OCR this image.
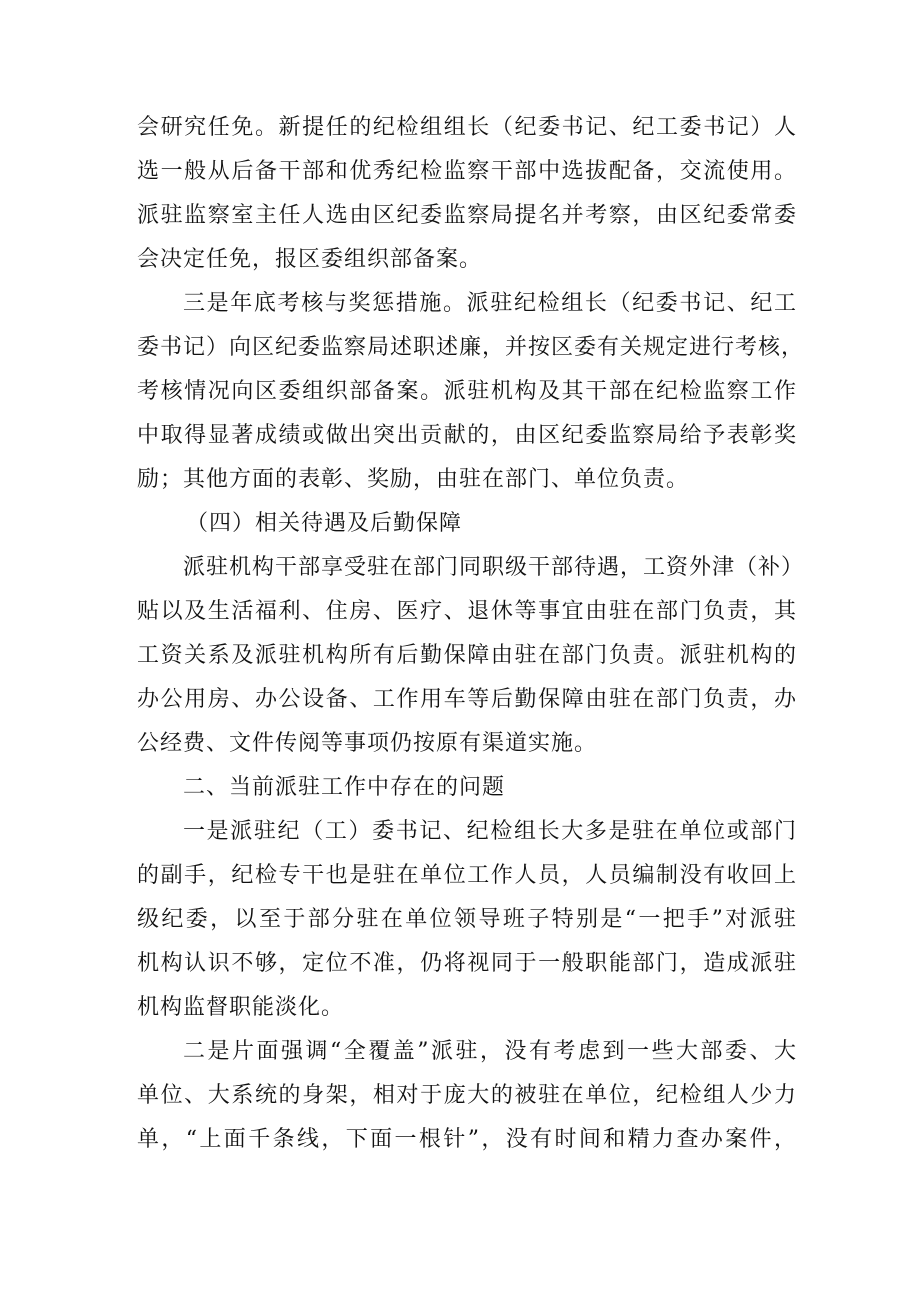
会研究任免。新提任的纪检组组长（纪委书记、纪工委书记）人
选一般从后备干部和优秀纪检监察干部中选拔配备，交流使用。
派驻监察室主任人选由区纪委监察局提名并考察，由区纪委常委
会决定任免，报区委组织部备案。
三是年底考核与奖惩措施。派驻纪检组长（纪委书记、纪工
委书记）向区纪委监察局述职述廉，并按区委有关规定进行考核，
考核情况向区委组织部备案。派驻机构及其干部在纪检监察工作
中取得显著成绩或做出突出贡献的，由区纪委监察局给予表彰奖
励；其他方面的表彰、奖励，由驻在部门、单位负责。
（四）相关待遇及后勤保障
派驻机构干部享受驻在部门同职级干部待遇，工资外津（补）
贴以及生活福利、住房、医疗、退休等事宜由驻在部门负责，其
工资关系及派驻机构所有后勤保障由驻在部门负责。派驻机构的
办公用房、办公设备、工作用车等后勤保障由驻在部门负责，办
公经费、文件传阅等事项仍按原有渠道实施。
二、当前派驻工作中存在的问题
一是派驻纪（工）委书记、纪检组长大多是驻在单位或部门
的副手，纪检专干也是驻在单位工作人员，人员编制没有收回上
级纪委，以至于部分驻在单位领导班子特别是“一把手”对派驻
机构认识不够，定位不准，仍将视同于一般职能部门，造成派驻
机构监督职能淡化。
二是片面强调“全覆盖”派驻，没有考虑到一些大部委、大
单位、大系统的身架，相对于庞大的被驻在单位，纪检组人少力
单，“上面千条线，下面一根针”，没有时间和精力查办案件，
